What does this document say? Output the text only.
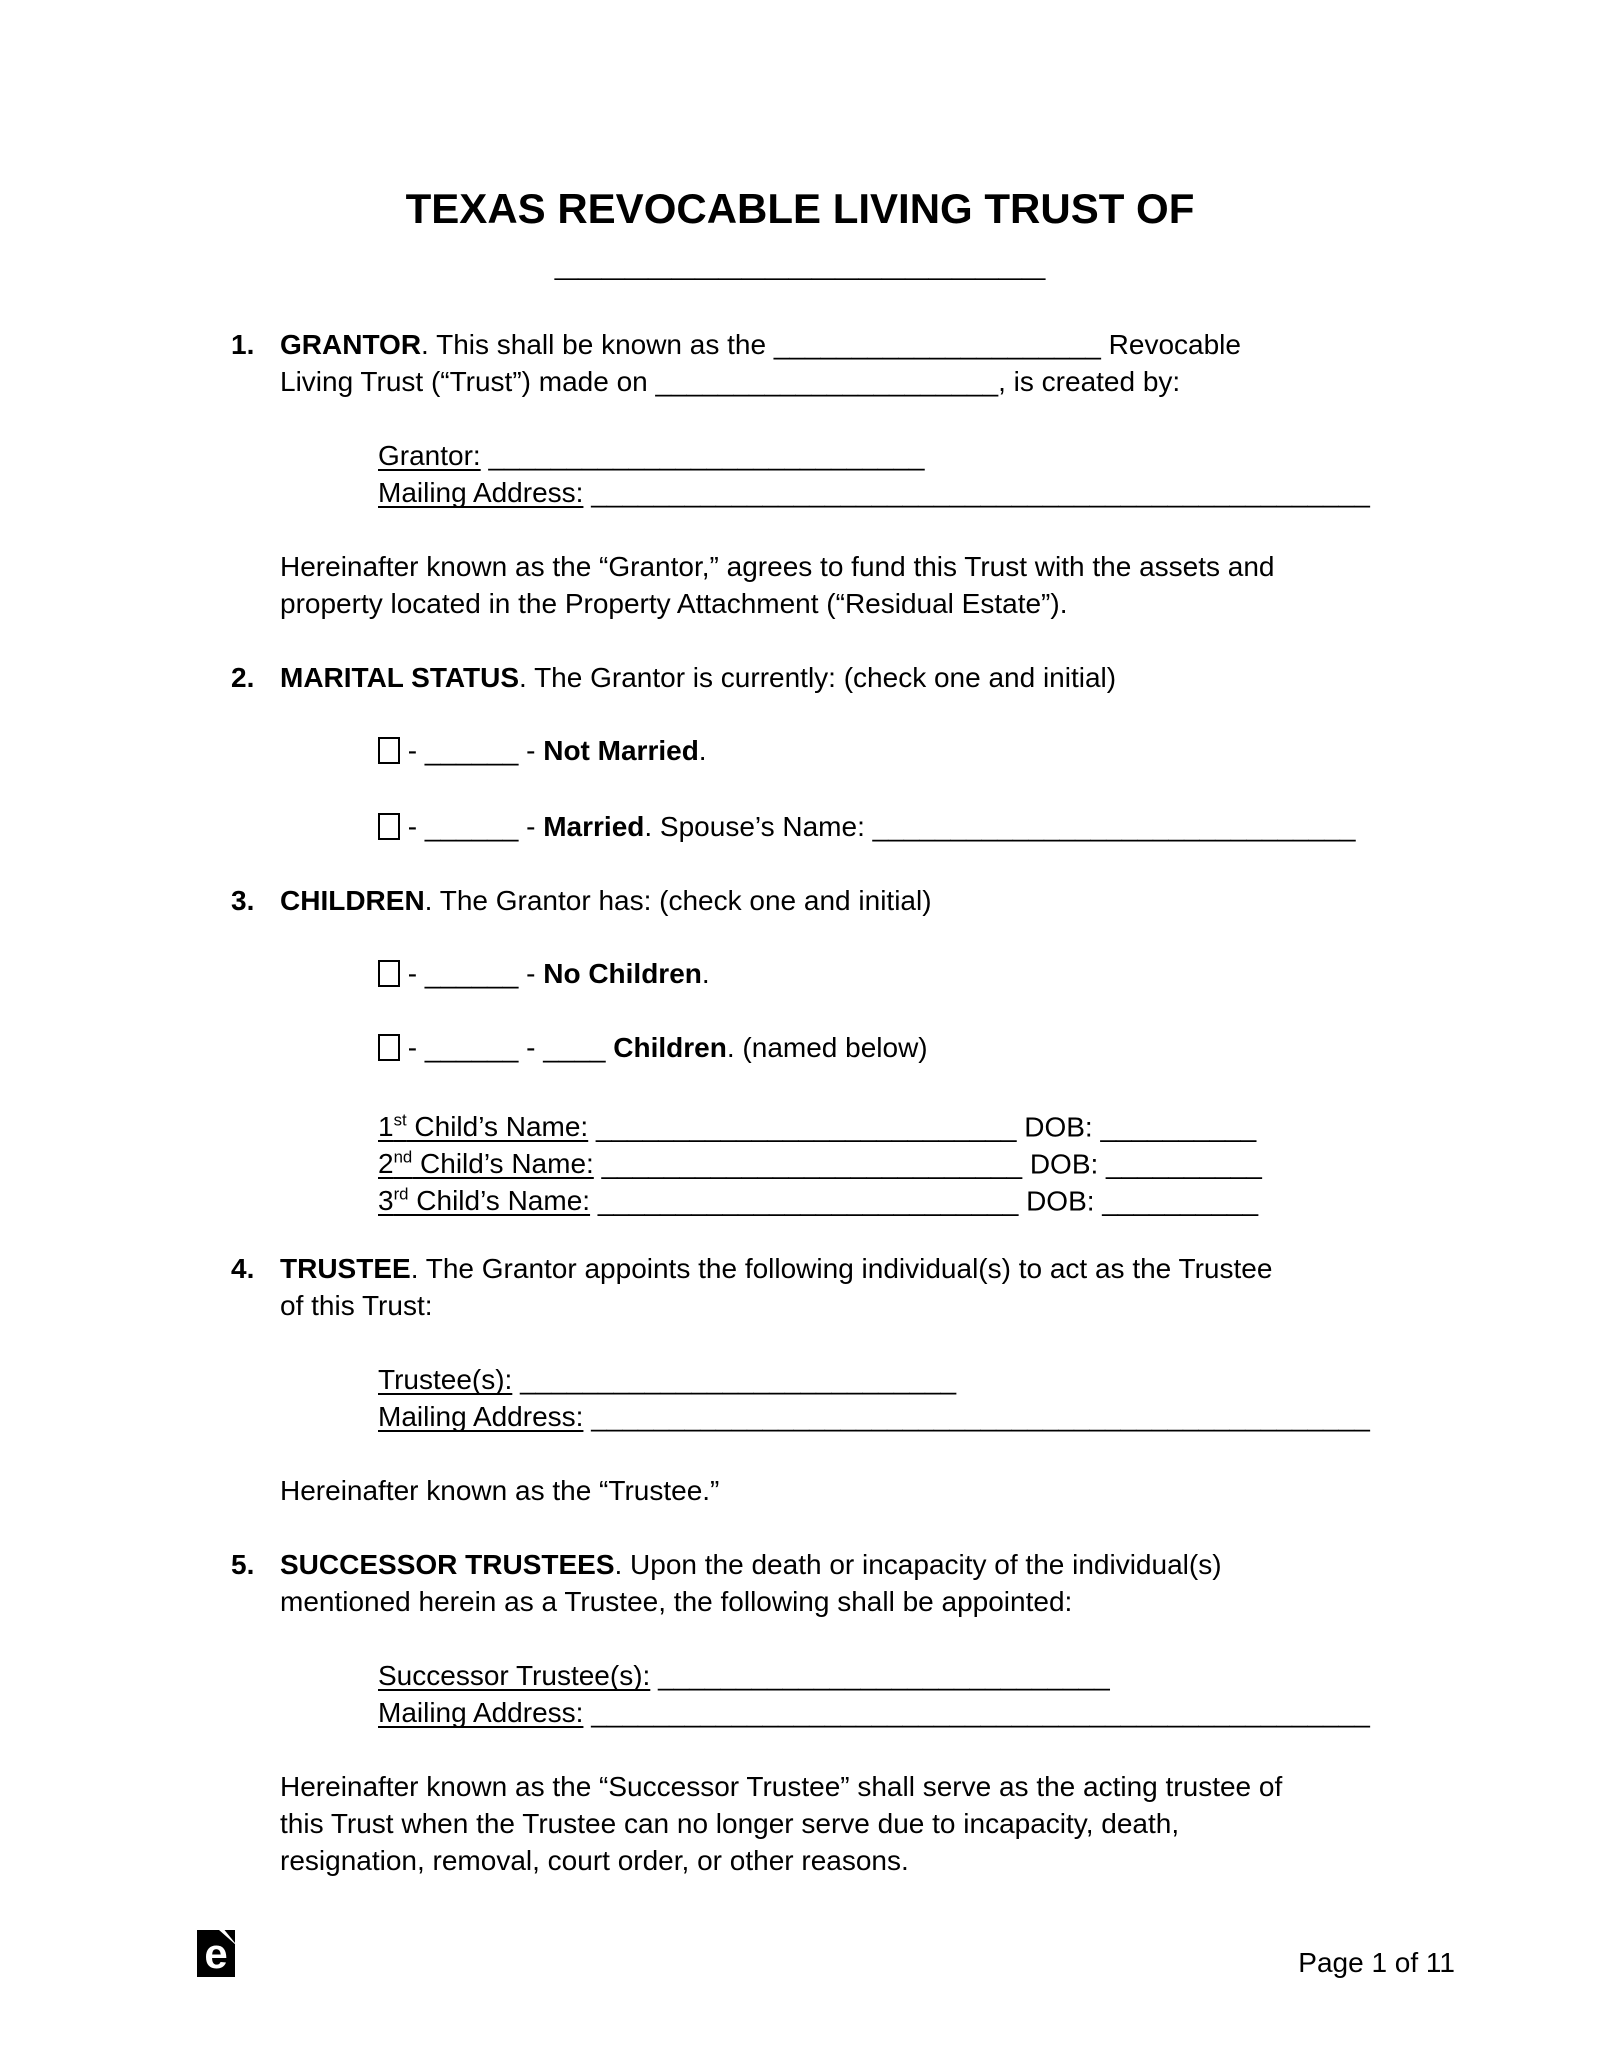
TEXAS REVOCABLE LIVING TRUST OF
_____________________
1. GRANTOR. This shall be known as the _____________________ Revocable
Living Trust (“Trust”) made on ______________________, is created by:
Grantor: ____________________________
Mailing Address: __________________________________________________
Hereinafter known as the “Grantor,” agrees to fund this Trust with the assets and
property located in the Property Attachment (“Residual Estate”).
2. MARITAL STATUS. The Grantor is currently: (check one and initial)
- ______ - Not Married.
- ______ - Married. Spouse’s Name: _______________________________
3. CHILDREN. The Grantor has: (check one and initial)
- ______ - No Children.
- ______ - ____ Children. (named below)
1st Child’s Name: ___________________________ DOB: __________
2nd Child’s Name: ___________________________ DOB: __________
3rd Child’s Name: ___________________________ DOB: __________
4. TRUSTEE. The Grantor appoints the following individual(s) to act as the Trustee
of this Trust:
Trustee(s): ____________________________
Mailing Address: __________________________________________________
Hereinafter known as the “Trustee.”
5. SUCCESSOR TRUSTEES. Upon the death or incapacity of the individual(s)
mentioned herein as a Trustee, the following shall be appointed:
Successor Trustee(s): _____________________________
Mailing Address: __________________________________________________
Hereinafter known as the “Successor Trustee” shall serve as the acting trustee of
this Trust when the Trustee can no longer serve due to incapacity, death,
resignation, removal, court order, or other reasons.
e	Page 1 of 11
